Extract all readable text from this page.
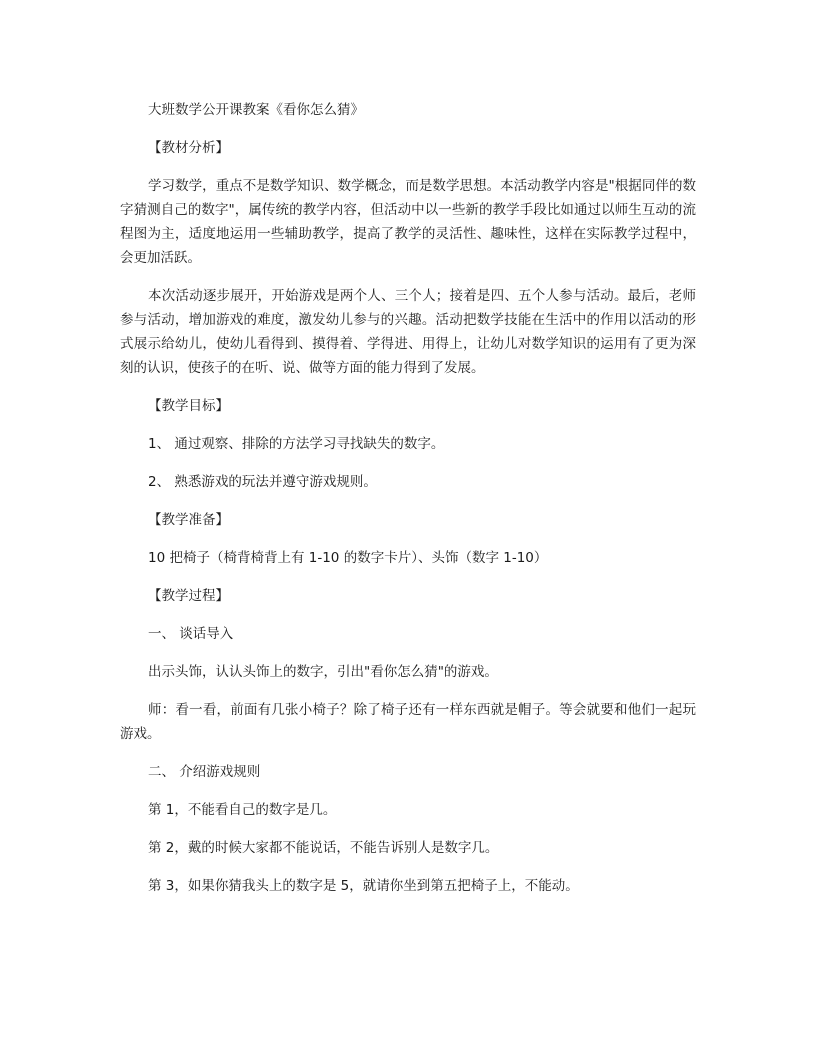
大班数学公开课教案《看你怎么猜》

【教材分析】

学习数学，重点不是数学知识、数学概念，而是数学思想。本活动教学内容是"根据同伴的数字猜测自己的数字"，属传统的教学内容，但活动中以一些新的教学手段比如通过以师生互动的流程图为主，适度地运用一些辅助教学，提高了教学的灵活性、趣味性，这样在实际教学过程中，会更加活跃。

本次活动逐步展开，开始游戏是两个人、三个人；接着是四、五个人参与活动。最后，老师参与活动，增加游戏的难度，激发幼儿参与的兴趣。活动把数学技能在生活中的作用以活动的形式展示给幼儿，使幼儿看得到、摸得着、学得进、用得上，让幼儿对数学知识的运用有了更为深刻的认识，使孩子的在听、说、做等方面的能力得到了发展。

【教学目标】

1、 通过观察、排除的方法学习寻找缺失的数字。

2、 熟悉游戏的玩法并遵守游戏规则。

【教学准备】

10 把椅子（椅背椅背上有 1-10 的数字卡片）、头饰（数字 1-10）

【教学过程】

一、 谈话导入

出示头饰，认认头饰上的数字，引出"看你怎么猜"的游戏。

师：看一看，前面有几张小椅子？除了椅子还有一样东西就是帽子。等会就要和他们一起玩游戏。

二、 介绍游戏规则

第 1，不能看自己的数字是几。

第 2，戴的时候大家都不能说话，不能告诉别人是数字几。

第 3，如果你猜我头上的数字是 5，就请你坐到第五把椅子上，不能动。
